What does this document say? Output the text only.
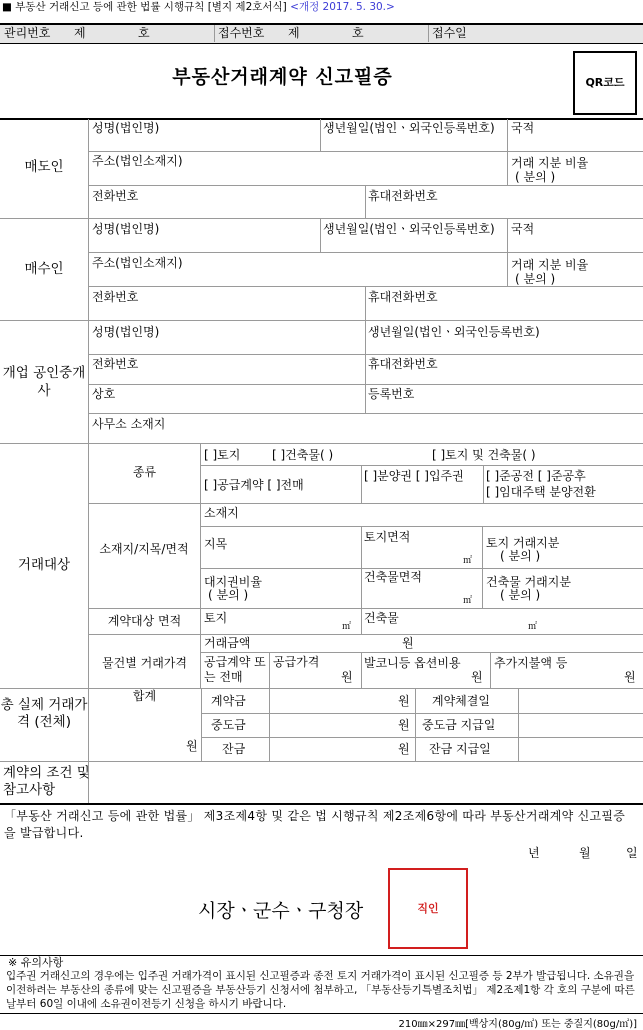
■ 부동산 거래신고 등에 관한 법률 시행규칙 [별지 제2호서식] <개정 2017. 5. 30.>
관리번호 제	호	접수번호 제	호	접수일
부동산거래계약 신고필증	QR코드
매도인
성명(법인명)	생년월일(법인ㆍ외국인등록번호)	국적
주소(법인소재지)	거래 지분 비율
( 분의 )
전화번호	휴대전화번호
매수인
성명(법인명)	생년월일(법인ㆍ외국인등록번호)	국적
주소(법인소재지)	거래 지분 비율
( 분의 )
전화번호	휴대전화번호
개업 공인중개사
성명(법인명)	생년월일(법인ㆍ외국인등록번호)
전화번호	휴대전화번호
상호	등록번호
사무소 소재지
거래대상
종류
[ ]토지	[ ]건축물( )	[ ]토지 및 건축물( )
[ ]공급계약 [ ]전매
[ ]분양권 [ ]입주권	[ ]준공전 [ ]준공후
[ ]임대주택 분양전환
소재지/지목/면적
소재지
지목	토지면적
㎡
토지 거래지분
( 분의 )
대지권비율
( 분의 )
건축물면적
㎡
건축물 거래지분
( 분의 )
계약대상 면적	토지
㎡
건축물
㎡
물건별 거래가격
거래금액	원
공급계약 또는 전매
공급가격
원
발코니등 옵션비용
원
추가지불액 등
원
총 실제 거래가격 (전체)
합계
원
계약금	원 계약체결일
중도금	원 중도금 지급일
잔금	원 잔금 지급일
계약의 조건 및 참고사항
「부동산 거래신고 등에 관한 법률」 제3조제4항 및 같은 법 시행규칙 제2조제6항에 따라 부동산거래계약 신고필증을 발급합니다.
년	월	일
시장ㆍ군수ㆍ구청장	직인
※ 유의사항
입주권 거래신고의 경우에는 입주권 거래가격이 표시된 신고필증과 종전 토지 거래가격이 표시된 신고필증 등 2부가 발급됩니다. 소유권을 이전하려는 부동산의 종류에 맞는 신고필증을 부동산등기 신청서에 첨부하고, 「부동산등기특별조치법」 제2조제1항 각 호의 구분에 따른 날부터 60일 이내에 소유권이전등기 신청을 하시기 바랍니다.
210㎜×297㎜[백상지(80g/㎡) 또는 중질지(80g/㎡)]
